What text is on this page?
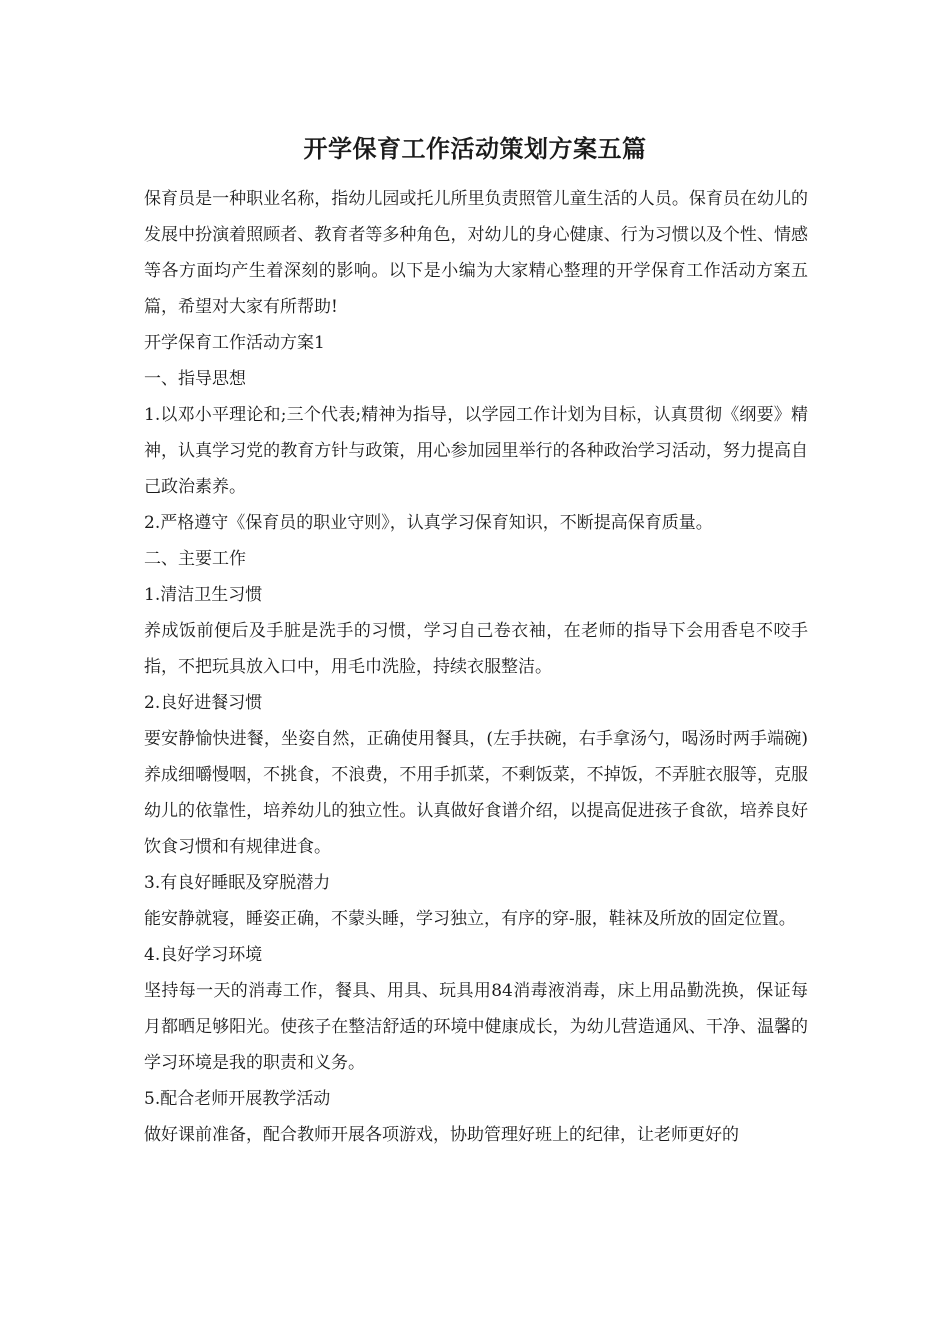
开学保育工作活动策划方案五篇

保育员是一种职业名称，指幼儿园或托儿所里负责照管儿童生活的人员。保育员在幼儿的发展中扮演着照顾者、教育者等多种角色，对幼儿的身心健康、行为习惯以及个性、情感等各方面均产生着深刻的影响。以下是小编为大家精心整理的开学保育工作活动方案五篇，希望对大家有所帮助!

开学保育工作活动方案1

一、指导思想

1.以邓小平理论和;三个代表;精神为指导，以学园工作计划为目标，认真贯彻《纲要》精神，认真学习党的教育方针与政策，用心参加园里举行的各种政治学习活动，努力提高自己政治素养。

2.严格遵守《保育员的职业守则》，认真学习保育知识，不断提高保育质量。

二、主要工作

1.清洁卫生习惯

养成饭前便后及手脏是洗手的习惯，学习自己卷衣袖，在老师的指导下会用香皂不咬手指，不把玩具放入口中，用毛巾洗脸，持续衣服整洁。

2.良好进餐习惯

要安静愉快进餐，坐姿自然，正确使用餐具，(左手扶碗，右手拿汤勺，喝汤时两手端碗)养成细嚼慢咽，不挑食，不浪费，不用手抓菜，不剩饭菜，不掉饭，不弄脏衣服等，克服幼儿的依靠性，培养幼儿的独立性。认真做好食谱介绍，以提高促进孩子食欲，培养良好饮食习惯和有规律进食。

3.有良好睡眠及穿脱潜力

能安静就寝，睡姿正确，不蒙头睡，学习独立，有序的穿-服，鞋袜及所放的固定位置。

4.良好学习环境

坚持每一天的消毒工作，餐具、用具、玩具用84消毒液消毒，床上用品勤洗换，保证每月都晒足够阳光。使孩子在整洁舒适的环境中健康成长，为幼儿营造通风、干净、温馨的学习环境是我的职责和义务。

5.配合老师开展教学活动

做好课前准备，配合教师开展各项游戏，协助管理好班上的纪律，让老师更好的
